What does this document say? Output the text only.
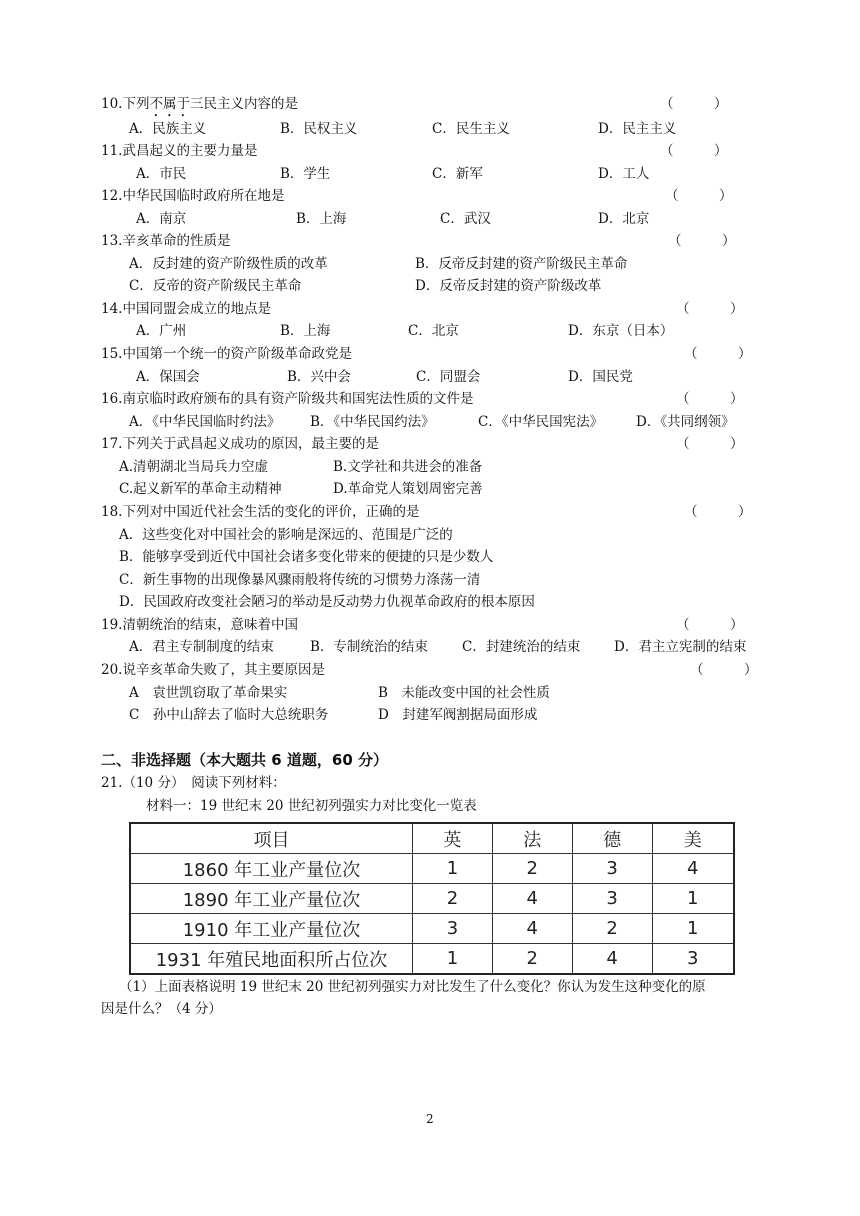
10.下列不属于三民主义内容的是	（　　　）
A．民族主义	B．民权主义	C．民生主义	D．民主主义
11.武昌起义的主要力量是	（　　　）
A．市民	B．学生	C．新军	D．工人
12.中华民国临时政府所在地是	（　　　）
A．南京	B．上海	C．武汉	D．北京
13.辛亥革命的性质是	（　　　）
A．反封建的资产阶级性质的改革	B．反帝反封建的资产阶级民主革命
C．反帝的资产阶级民主革命	D．反帝反封建的资产阶级改革
14.中国同盟会成立的地点是	（　　　）
A．广州	B．上海	C．北京	D．东京（日本）
15.中国第一个统一的资产阶级革命政党是	（　　　）
A．保国会	B．兴中会	C．同盟会	D．国民党
16.南京临时政府颁布的具有资产阶级共和国宪法性质的文件是	（　　　）
A．《中华民国临时约法》 B．《中华民国约法》	C．《中华民国宪法》 D．《共同纲领》
17.下列关于武昌起义成功的原因，最主要的是	（　　　）
A.清朝湖北当局兵力空虚	B.文学社和共进会的准备
C.起义新军的革命主动精神	D.革命党人策划周密完善
18.下列对中国近代社会生活的变化的评价，正确的是	（　　　）
A．这些变化对中国社会的影响是深远的、范围是广泛的
B．能够享受到近代中国社会诸多变化带来的便捷的只是少数人
C．新生事物的出现像暴风骤雨般将传统的习惯势力涤荡一清
D．民国政府改变社会陋习的举动是反动势力仇视革命政府的根本原因
19.清朝统治的结束，意味着中国	（　　　）
A．君主专制制度的结束	B．专制统治的结束	C．封建统治的结束 D．君主立宪制的结束
20.说辛亥革命失败了，其主要原因是	（　　　）
A　袁世凯窃取了革命果实	B　未能改变中国的社会性质
C　孙中山辞去了临时大总统职务	D　封建军阀割据局面形成
二、非选择题（本大题共 6 道题，60 分）
21.（10 分）　阅读下列材料：
材料一：19 世纪末 20 世纪初列强实力对比变化一览表
项目	英	法	德	美
1860 年工业产量位次	1	2	3	4
1890 年工业产量位次	2	4	3	1
1910 年工业产量位次	3	4	2	1
1931 年殖民地面积所占位次	1	2	4	3
（1）上面表格说明 19 世纪末 20 世纪初列强实力对比发生了什么变化？你认为发生这种变化的原
因是什么？（4 分）
2
